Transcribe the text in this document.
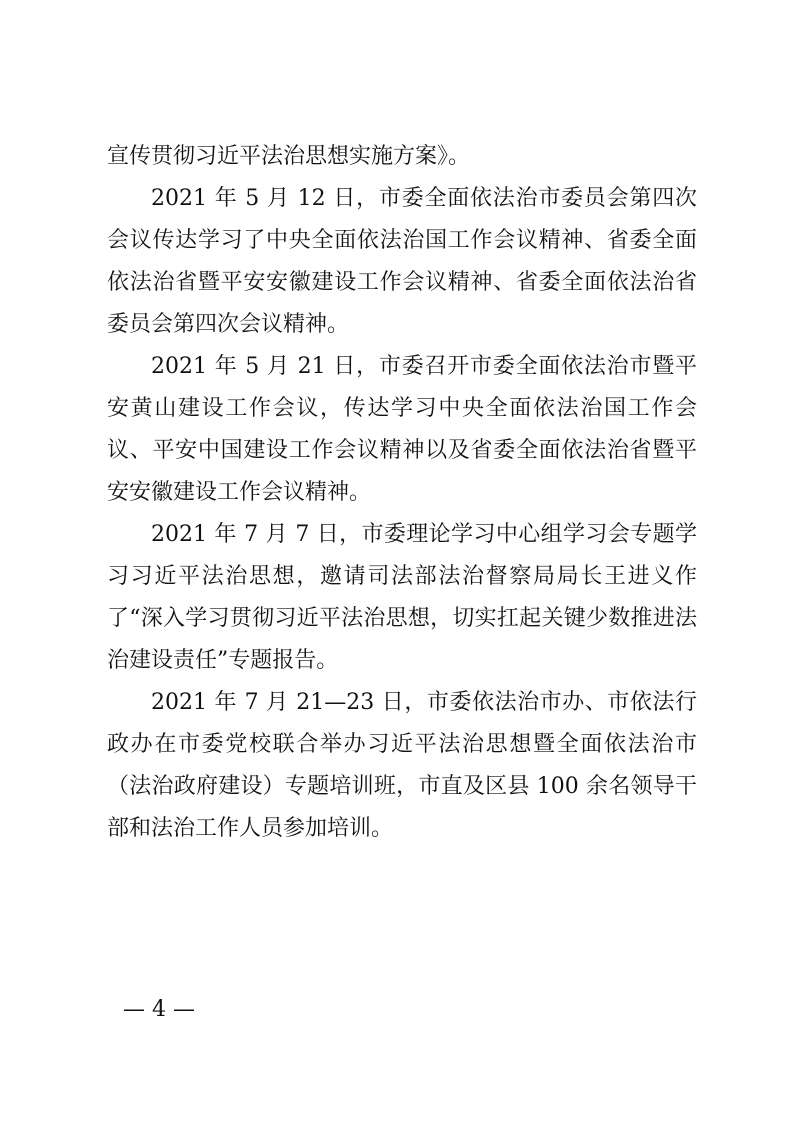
宣传贯彻习近平法治思想实施方案》。

2021 年 5 月 12 日，市委全面依法治市委员会第四次会议传达学习了中央全面依法治国工作会议精神、省委全面依法治省暨平安安徽建设工作会议精神、省委全面依法治省委员会第四次会议精神。

2021 年 5 月 21 日，市委召开市委全面依法治市暨平安黄山建设工作会议，传达学习中央全面依法治国工作会议、平安中国建设工作会议精神以及省委全面依法治省暨平安安徽建设工作会议精神。

2021 年 7 月 7 日，市委理论学习中心组学习会专题学习习近平法治思想，邀请司法部法治督察局局长王进义作了“深入学习贯彻习近平法治思想，切实扛起关键少数推进法治建设责任”专题报告。

2021 年 7 月 21—23 日，市委依法治市办、市依法行政办在市委党校联合举办习近平法治思想暨全面依法治市（法治政府建设）专题培训班，市直及区县 100 余名领导干部和法治工作人员参加培训。

— 4 —
